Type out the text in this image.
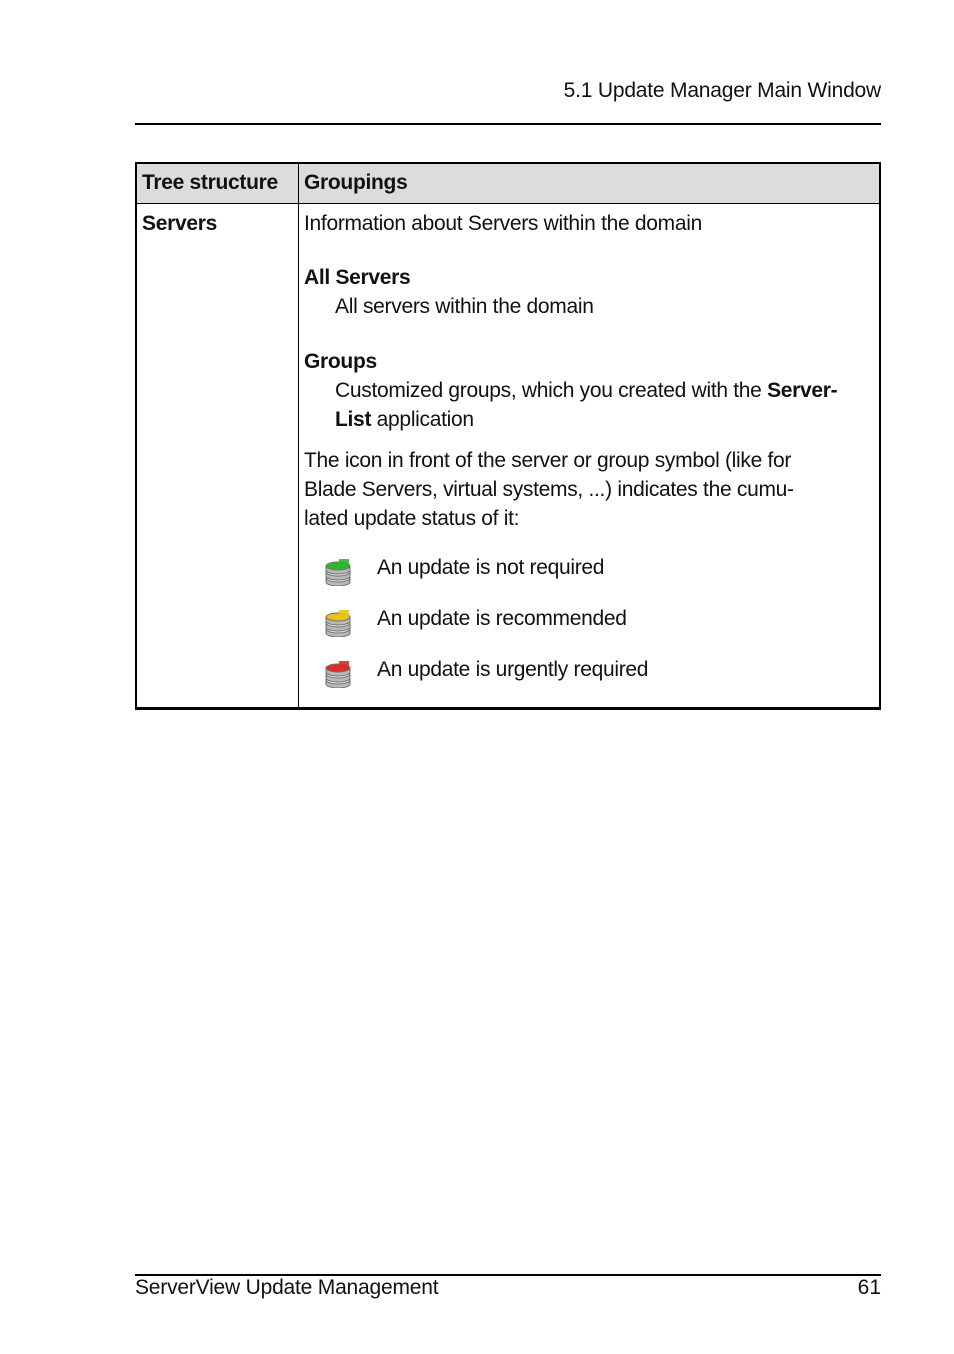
5.1 Update Manager Main Window
Tree structure Groupings
Servers	Information about Servers within the domain
All Servers
All servers within the domain
Groups
Customized groups, which you created with the Server-
List application
The icon in front of the server or group symbol (like for
Blade Servers, virtual systems, ...) indicates the cumu-
lated update status of it:
An update is not required
An update is recommended
An update is urgently required
ServerView Update Management	61
